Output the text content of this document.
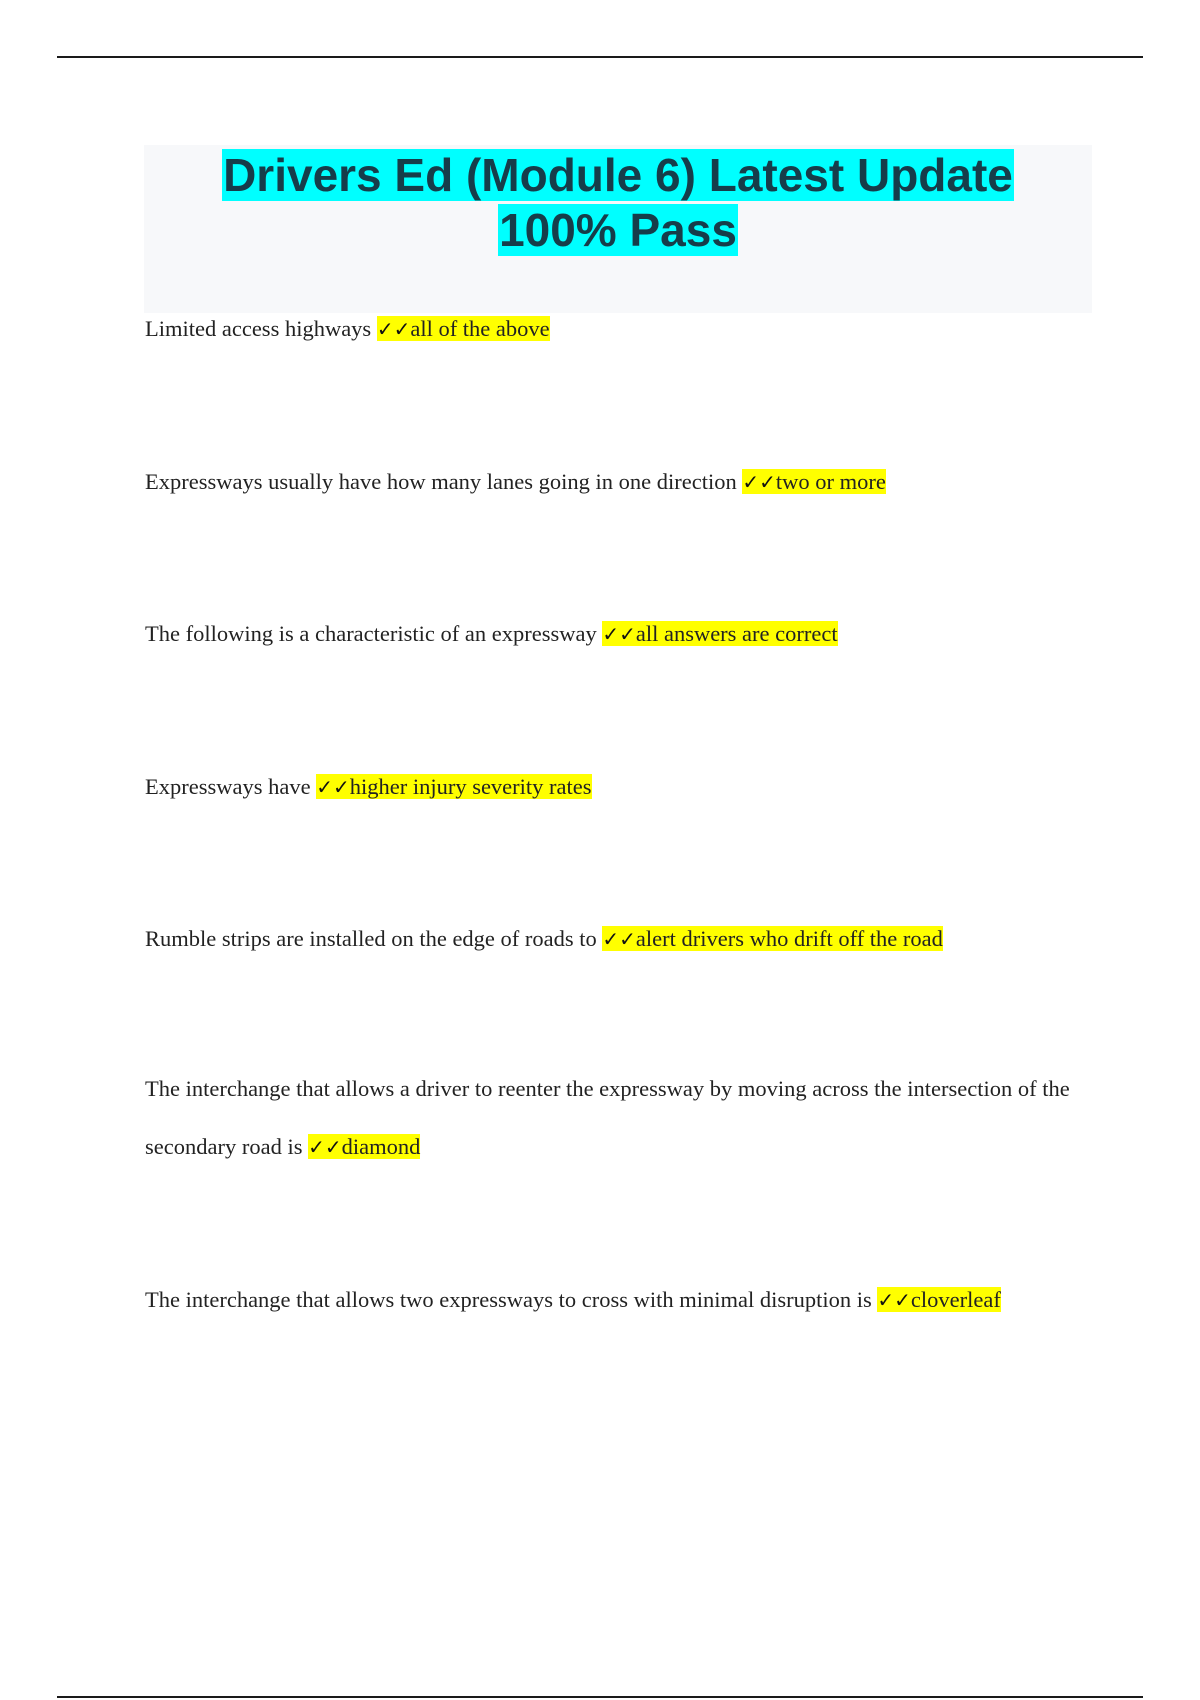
Drivers Ed (Module 6) Latest Update
100% Pass

Limited access highways ✓✓all of the above

Expressways usually have how many lanes going in one direction ✓✓two or more

The following is a characteristic of an expressway ✓✓all answers are correct

Expressways have ✓✓higher injury severity rates

Rumble strips are installed on the edge of roads to ✓✓alert drivers who drift off the road

The interchange that allows a driver to reenter the expressway by moving across the intersection of the secondary road is ✓✓diamond

The interchange that allows two expressways to cross with minimal disruption is ✓✓cloverleaf
